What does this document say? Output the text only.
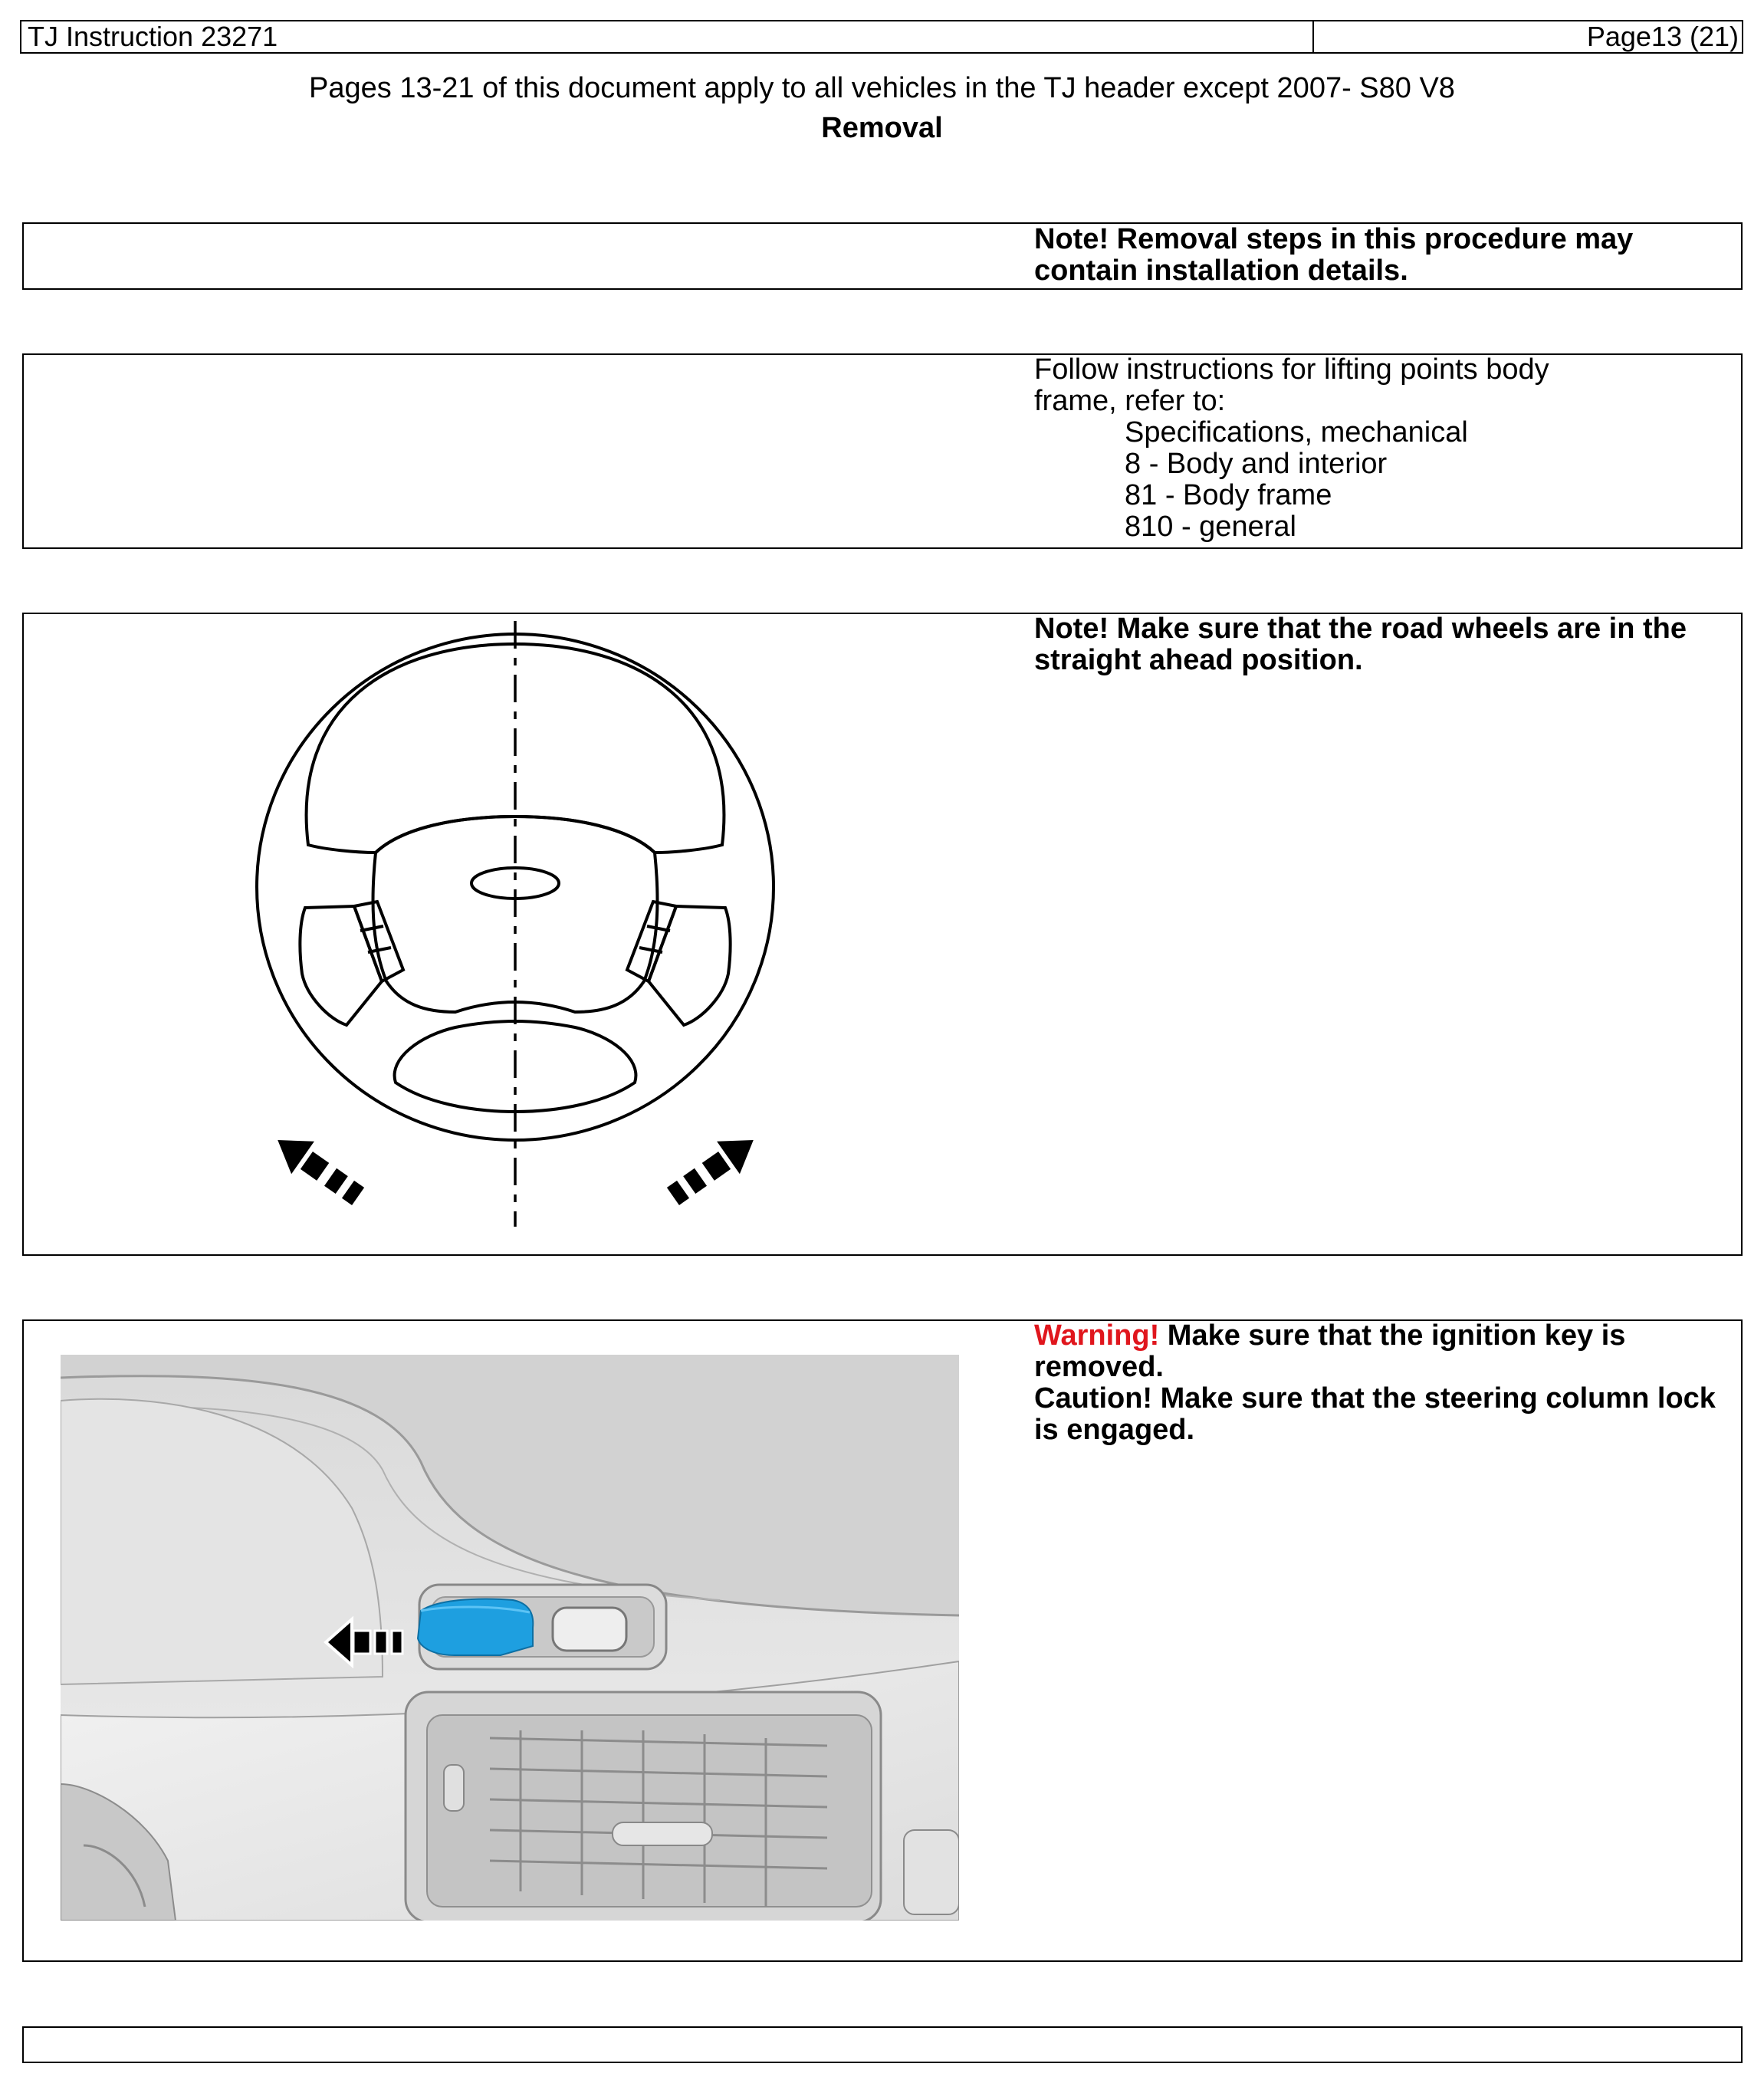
TJ Instruction 23271	Page13 (21)
Pages 13-21 of this document apply to all vehicles in the TJ header except 2007- S80 V8
Removal
Note! Removal steps in this procedure may contain installation details.
Follow instructions for lifting points body
frame, refer to:
Specifications, mechanical
8 - Body and interior
81 - Body frame
810 - general
Note! Make sure that the road wheels are in the straight ahead position.
Warning! Make sure that the ignition key is removed.
Caution! Make sure that the steering column lock is engaged.
